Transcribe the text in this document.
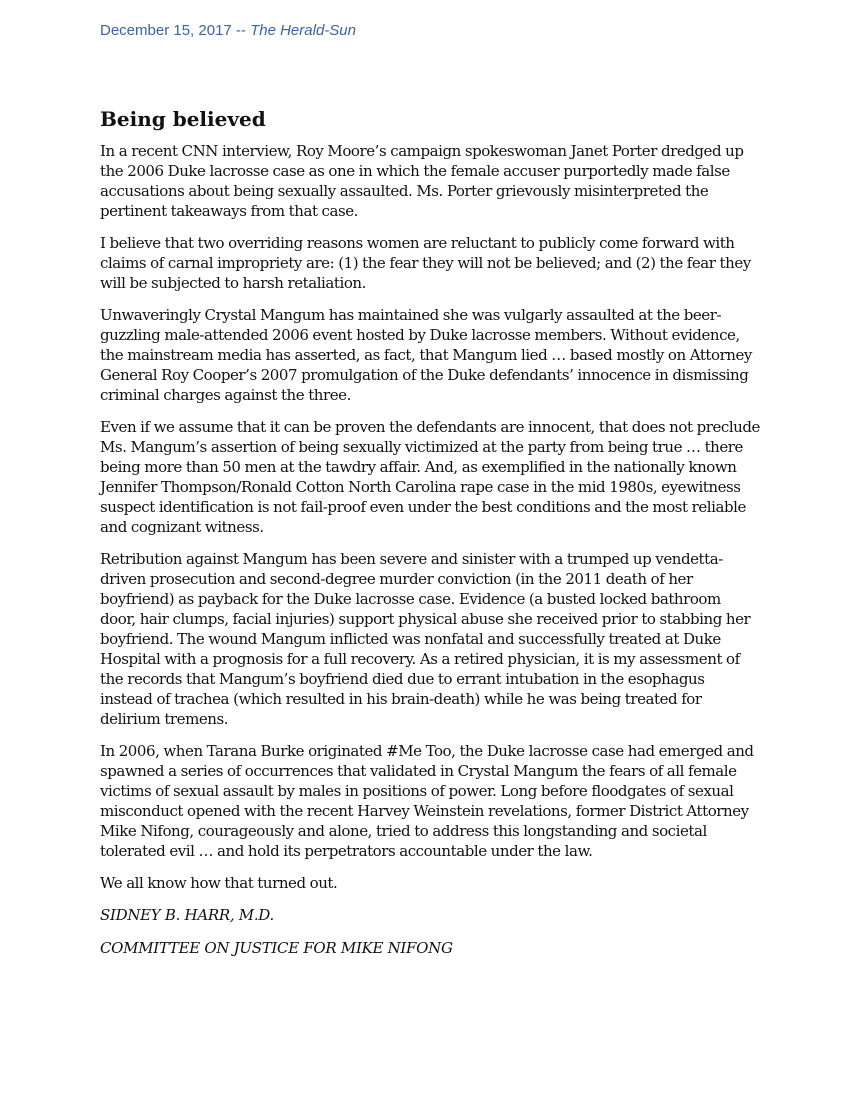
December 15, 2017 -- The Herald-Sun
Being believed

In a recent CNN interview, Roy Moore’s campaign spokeswoman Janet Porter dredged up the 2006 Duke lacrosse case as one in which the female accuser purportedly made false accusations about being sexually assaulted. Ms. Porter grievously misinterpreted the pertinent takeaways from that case.

I believe that two overriding reasons women are reluctant to publicly come forward with claims of carnal impropriety are: (1) the fear they will not be believed; and (2) the fear they will be subjected to harsh retaliation.

Unwaveringly Crystal Mangum has maintained she was vulgarly assaulted at the beer-guzzling male-attended 2006 event hosted by Duke lacrosse members. Without evidence, the mainstream media has asserted, as fact, that Mangum lied … based mostly on Attorney General Roy Cooper’s 2007 promulgation of the Duke defendants’ innocence in dismissing criminal charges against the three.

Even if we assume that it can be proven the defendants are innocent, that does not preclude Ms. Mangum’s assertion of being sexually victimized at the party from being true … there being more than 50 men at the tawdry affair. And, as exemplified in the nationally known Jennifer Thompson/Ronald Cotton North Carolina rape case in the mid 1980s, eyewitness suspect identification is not fail-proof even under the best conditions and the most reliable and cognizant witness.

Retribution against Mangum has been severe and sinister with a trumped up vendetta-driven prosecution and second-degree murder conviction (in the 2011 death of her boyfriend) as payback for the Duke lacrosse case. Evidence (a busted locked bathroom door, hair clumps, facial injuries) support physical abuse she received prior to stabbing her boyfriend. The wound Mangum inflicted was nonfatal and successfully treated at Duke Hospital with a prognosis for a full recovery. As a retired physician, it is my assessment of the records that Mangum’s boyfriend died due to errant intubation in the esophagus instead of trachea (which resulted in his brain-death) while he was being treated for delirium tremens.

In 2006, when Tarana Burke originated #Me Too, the Duke lacrosse case had emerged and spawned a series of occurrences that validated in Crystal Mangum the fears of all female victims of sexual assault by males in positions of power. Long before floodgates of sexual misconduct opened with the recent Harvey Weinstein revelations, former District Attorney Mike Nifong, courageously and alone, tried to address this longstanding and societal tolerated evil … and hold its perpetrators accountable under the law.

We all know how that turned out.

SIDNEY B. HARR, M.D.

COMMITTEE ON JUSTICE FOR MIKE NIFONG
